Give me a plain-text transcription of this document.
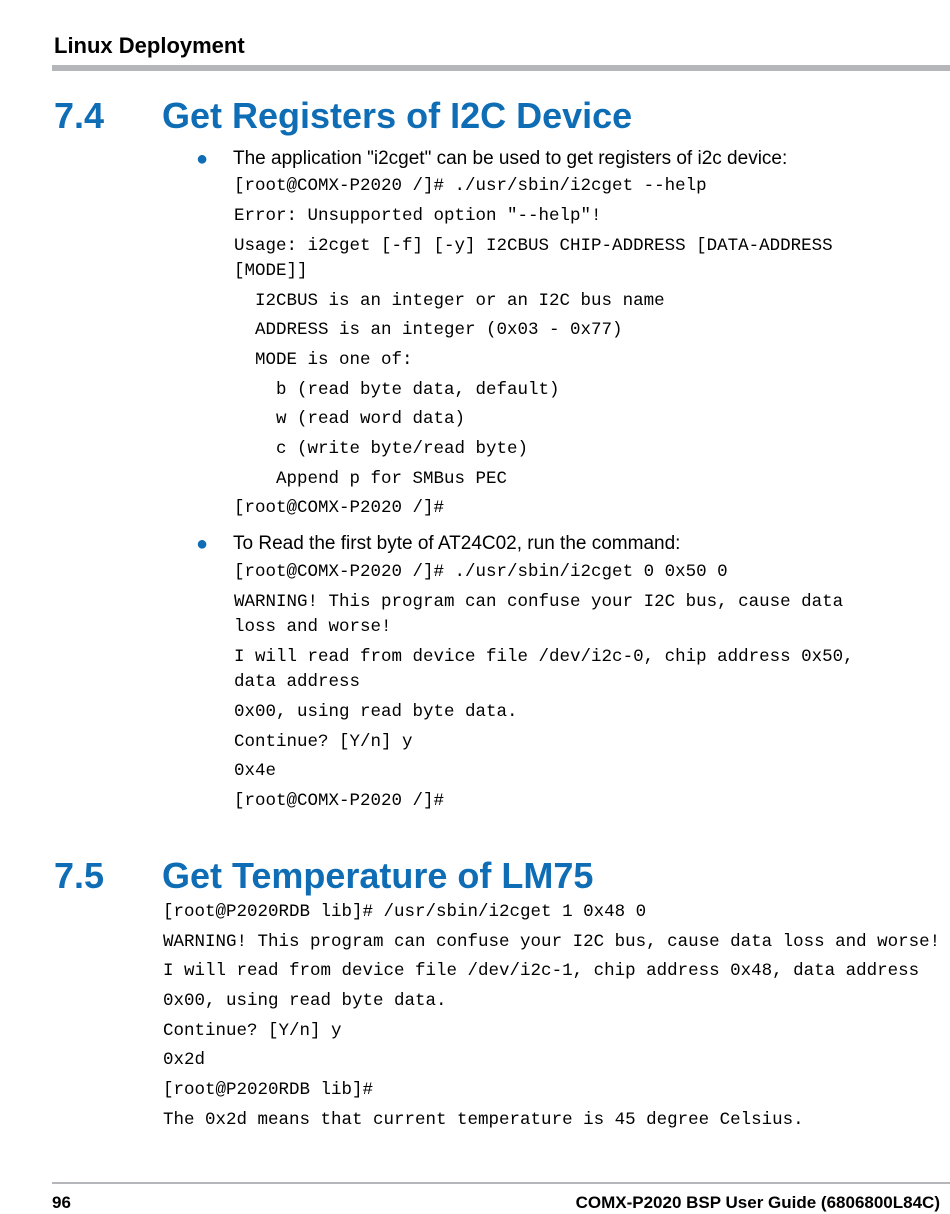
Linux Deployment
7.4 Get Registers of I2C Device
● The application "i2cget" can be used to get registers of i2c device:
[root@COMX-P2020 /]# ./usr/sbin/i2cget --help
Error: Unsupported option "--help"!
Usage: i2cget [-f] [-y] I2CBUS CHIP-ADDRESS [DATA-ADDRESS
[MODE]]
I2CBUS is an integer or an I2C bus name
ADDRESS is an integer (0x03 - 0x77)
MODE is one of:
b (read byte data, default)
w (read word data)
c (write byte/read byte)
Append p for SMBus PEC
[root@COMX-P2020 /]#
● To Read the first byte of AT24C02, run the command:
[root@COMX-P2020 /]# ./usr/sbin/i2cget 0 0x50 0
WARNING! This program can confuse your I2C bus, cause data
loss and worse!
I will read from device file /dev/i2c-0, chip address 0x50,
data address
0x00, using read byte data.
Continue? [Y/n] y
0x4e
[root@COMX-P2020 /]#
7.5 Get Temperature of LM75
[root@P2020RDB lib]# /usr/sbin/i2cget 1 0x48 0
WARNING! This program can confuse your I2C bus, cause data loss and worse!
I will read from device file /dev/i2c-1, chip address 0x48, data address
0x00, using read byte data.
Continue? [Y/n] y
0x2d
[root@P2020RDB lib]#
The 0x2d means that current temperature is 45 degree Celsius.
96	COMX-P2020 BSP User Guide (6806800L84C)
